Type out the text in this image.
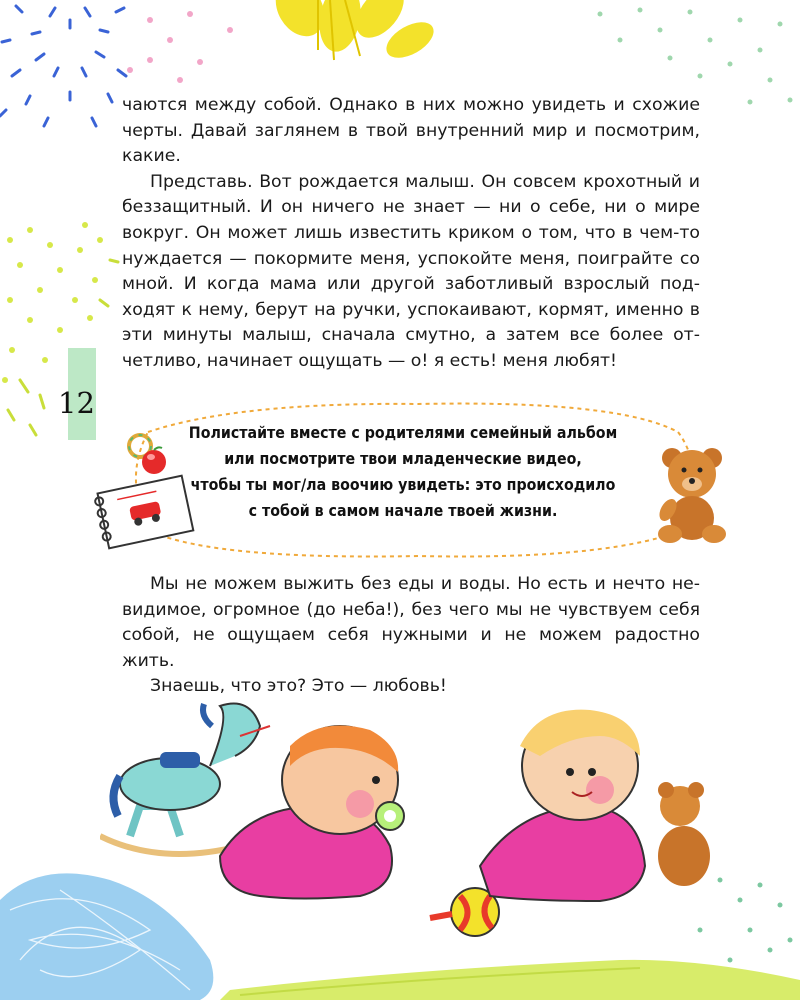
12

чаются между собой. Однако в них можно увидеть и схожие черты. Давай заглянем в твой внутренний мир и посмотрим, какие.

Представь. Вот рождается малыш. Он совсем крохотный и беззащитный. И он ничего не знает — ни о себе, ни о мире вокруг. Он может лишь известить криком о том, что в чем-то нуждается — покормите меня, успокойте меня, поиграйте со мной. И когда мама или другой заботливый взрослый под-ходят к нему, берут на ручки, успокаивают, кормят, именно в эти минуты малыш, сначала смутно, а затем все более от-четливо, начинает ощущать — о! я есть! меня любят!

Полистайте вместе с родителями семейный альбом
или посмотрите твои младенческие видео,
чтобы ты мог/ла воочию увидеть: это происходило
с тобой в самом начале твоей жизни.

Мы не можем выжить без еды и воды. Но есть и нечто не-видимое, огромное (до неба!), без чего мы не чувствуем себя собой, не ощущаем себя нужными и не можем радостно жить.

Знаешь, что это? Это — любовь!
